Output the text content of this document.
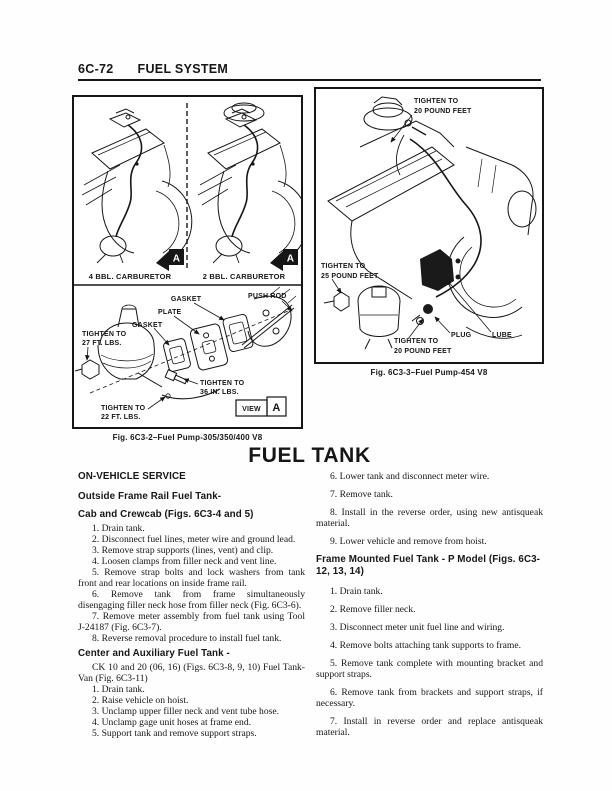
6C-72 FUEL SYSTEM
A	A
4 BBL. CARBURETOR	2 BBL. CARBURETOR
GASKET	PUSH ROD
PLATE
GASKET
TIGHTEN TO
27 FT. LBS.
TIGHTEN TO
36 IN. LBS.
TIGHTEN TO
22 FT. LBS.
VIEW A
Fig. 6C3-2–Fuel Pump-305/350/400 V8
TIGHTEN TO
20 POUND FEET
TIGHTEN TO
25 POUND FEET
TIGHTEN TO
20 POUND FEET
PLUG	LUBE
Fig. 6C3-3–Fuel Pump-454 V8
FUEL TANK
ON-VEHICLE SERVICE
Outside Frame Rail Fuel Tank-
Cab and Crewcab (Figs. 6C3-4 and 5)

1. Drain tank.

2. Disconnect fuel lines, meter wire and ground lead.

3. Remove strap supports (lines, vent) and clip.

4. Loosen clamps from filler neck and vent line.

5. Remove strap bolts and lock washers from tank front and rear locations on inside frame rail.

6. Remove tank from frame simultaneously disengaging filler neck hose from filler neck (Fig. 6C3-6).

7. Remove meter assembly from fuel tank using Tool J-24187 (Fig. 6C3-7).

8. Reverse removal procedure to install fuel tank.

Center and Auxiliary Fuel Tank -

CK 10 and 20 (06, 16) (Figs. 6C3-8, 9, 10) Fuel Tank-Van (Fig. 6C3-11)

1. Drain tank.

2. Raise vehicle on hoist.

3. Unclamp upper filler neck and vent tube hose.

4. Unclamp gage unit hoses at frame end.

5. Support tank and remove support straps.

6. Lower tank and disconnect meter wire.

7. Remove tank.

8. Install in the reverse order, using new antisqueak material.

9. Lower vehicle and remove from hoist.

Frame Mounted Fuel Tank - P Model (Figs. 6C3-12, 13, 14)

1. Drain tank.

2. Remove filler neck.

3. Disconnect meter unit fuel line and wiring.

4. Remove bolts attaching tank supports to frame.

5. Remove tank complete with mounting bracket and support straps.

6. Remove tank from brackets and support straps, if necessary.

7. Install in reverse order and replace antisqueak material.
